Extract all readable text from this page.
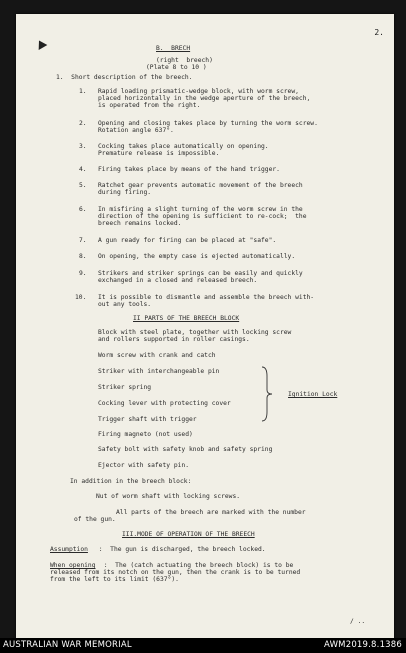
2.
B.  BRECH
(right  breech)
(Plate 8 to 10 )
1.  Short description of the breech.
1. Rapid loading prismatic-wedge block, with worm screw,
placed horizontally in the wedge aperture of the breech,
is operated from the right.
2. Opening and closing takes place by turning the worm screw.
Rotation angle 637°.
3. Cocking takes place automatically on opening.
Premature release is impossible.
4. Firing takes place by means of the hand trigger.
5. Ratchet gear prevents automatic movement of the breech
during firing.
6. In misfiring a slight turning of the worm screw in the
direction of the opening is sufficient to re-cock;  the
breech remains locked.
7. A gun ready for firing can be placed at "safe".
8. On opening, the empty case is ejected automatically.
9. Strikers and striker springs can be easily and quickly
exchanged in a closed and released breech.
10. It is possible to dismantle and assemble the breech with-
out any tools.
II PARTS OF THE BREECH BLOCK
Block with steel plate, together with locking screw
and rollers supported in roller casings.
Worm screw with crank and catch
Striker with interchangeable pin
Striker spring
Cocking lever with protecting cover
Trigger shaft with trigger
Firing magneto (not used)
Safety bolt with safety knob and safety spring
Ejector with safety pin.
Ignition Lock
In addition in the breech block:
Nut of worm shaft with locking screws.
All parts of the breech are marked with the number
of the gun.
III.MODE OF OPERATION OF THE BREECH
Assumption :  The gun is discharged, the breech locked.
When opening :  The (catch actuating the breech block) is to be
released from its notch on the gun, then the crank is to be turned
from the left to its limit (637°).
/ ..
AUSTRALIAN WAR MEMORIAL	AWM2019.8.1386
